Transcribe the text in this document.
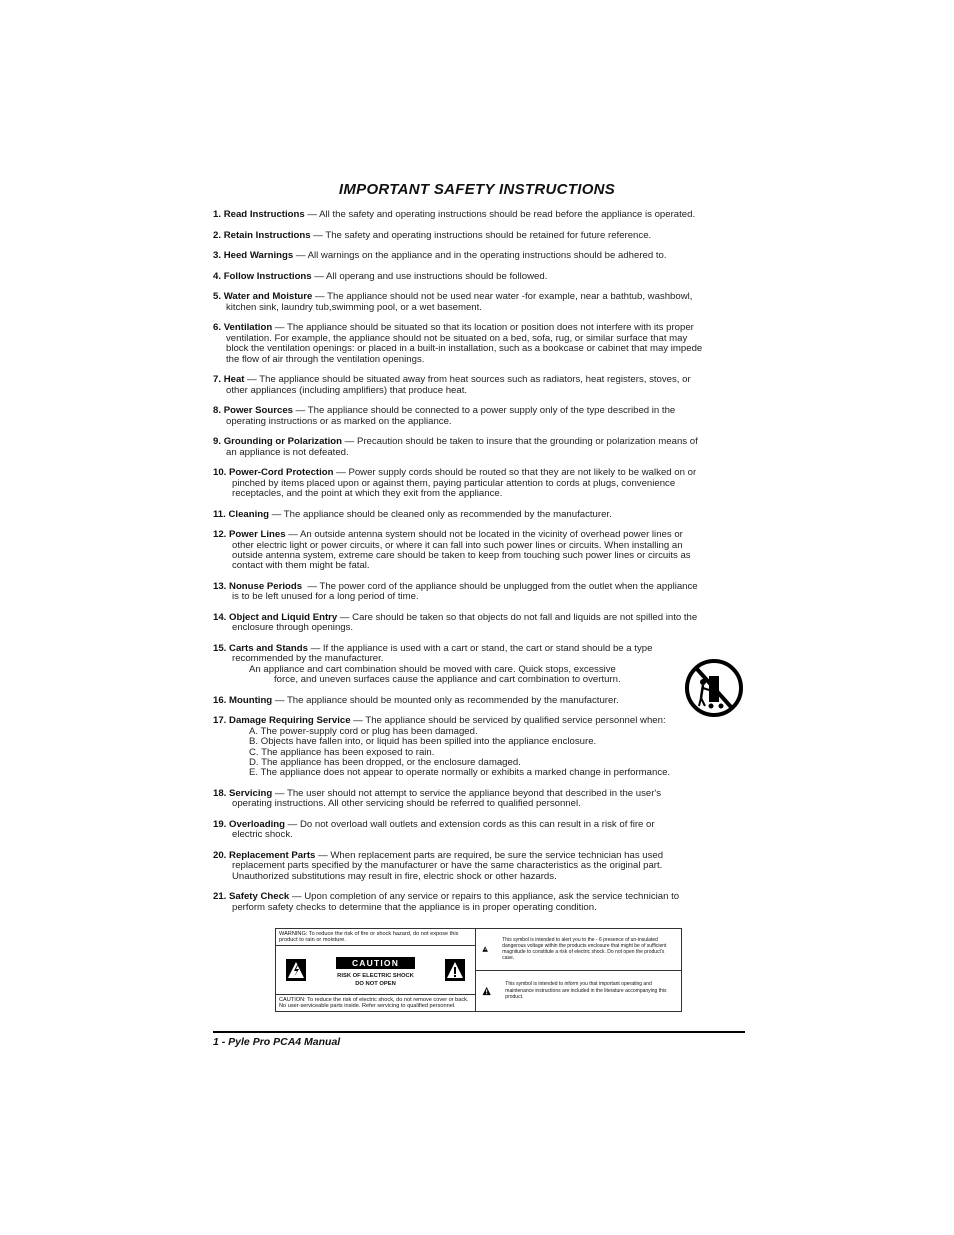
IMPORTANT SAFETY INSTRUCTIONS
1. Read Instructions — All the safety and operating instructions should be read before the appliance is operated.
2. Retain Instructions — The safety and operating instructions should be retained for future reference.
3. Heed Warnings — All warnings on the appliance and in the operating instructions should be adhered to.
4. Follow Instructions — All operang and use instructions should be followed.
5. Water and Moisture — The appliance should not be used near water -for example, near a bathtub, washbowl,
kitchen sink, laundry tub,swimming pool, or a wet basement.
6. Ventilation — The appliance should be situated so that its location or position does not interfere with its proper
ventilation. For example, the appliance should not be situated on a bed, sofa, rug, or similar surface that may
block the ventilation openings: or placed in a built-in installation, such as a bookcase or cabinet that may impede
the flow of air through the ventilation openings.
7. Heat — The appliance should be situated away from heat sources such as radiators, heat registers, stoves, or
other appliances (including amplifiers) that produce heat.
8. Power Sources — The appliance should be connected to a power supply only of the type described in the
operating instructions or as marked on the appliance.
9. Grounding or Polarization — Precaution should be taken to insure that the grounding or polarization means of
an appliance is not defeated.
10. Power-Cord Protection — Power supply cords should be routed so that they are not likely to be walked on or
pinched by items placed upon or against them, paying particular attention to cords at plugs, convenience
receptacles, and the point at which they exit from the appliance.
11. Cleaning — The appliance should be cleaned only as recommended by the manufacturer.
12. Power Lines — An outside antenna system should not be located in the vicinity of overhead power lines or
other electric light or power circuits, or where it can fall into such power lines or circuits. When installing an
outside antenna system, extreme care should be taken to keep from touching such power lines or circuits as
contact with them might be fatal.
13. Nonuse Periods  — The power cord of the appliance should be unplugged from the outlet when the appliance
is to be left unused for a long period of time.
14. Object and Liquid Entry — Care should be taken so that objects do not fall and liquids are not spilled into the
enclosure through openings.
15. Carts and Stands — If the appliance is used with a cart or stand, the cart or stand should be a type
recommended by the manufacturer.
An appliance and cart combination should be moved with care. Quick stops, excessive
force, and uneven surfaces cause the appliance and cart combination to overturn.
16. Mounting — The appliance should be mounted only as recommended by the manufacturer.
17. Damage Requiring Service — The appliance should be serviced by qualified service personnel when:
A. The power-supply cord or plug has been damaged.
B. Objects have fallen into, or liquid has been spilled into the appliance enclosure.
C. The appliance has been exposed to rain.
D. The appliance has been dropped, or the enclosure damaged.
E. The appliance does not appear to operate normally or exhibits a marked change in performance.
18. Servicing — The user should not attempt to service the appliance beyond that described in the user's
operating instructions. All other servicing should be referred to qualified personnel.
19. Overloading — Do not overload wall outlets and extension cords as this can result in a risk of fire or
electric shock.
20. Replacement Parts — When replacement parts are required, be sure the service technician has used
replacement parts specified by the manufacturer or have the same characteristics as the original part.
Unauthorized substitutions may result in fire, electric shock or other hazards.
21. Safety Check — Upon completion of any service or repairs to this appliance, ask the service technician to
perform safety checks to determine that the appliance is in proper operating condition.
WARNING: To reduce the risk of fire or shock hazard, do not expose this product to rain or moisture.
CAUTION
RISK OF ELECTRIC SHOCK
DO NOT OPEN
CAUTION: To reduce the risk of electric shock, do not remove cover or back. No user-serviceable parts inside. Refer servicing to qualified personnel.
This symbol is intended to alert you to the - 6 presence of un-insulated dangerous voltage within the products enclosure that might be of sufficient magnitude to constitute a risk of electric shock. Do not open the product's case.
This symbol is intended to inform you that important operating and maintenance instructions are included in the literature accompanying this product.
1 - Pyle Pro PCA4 Manual
